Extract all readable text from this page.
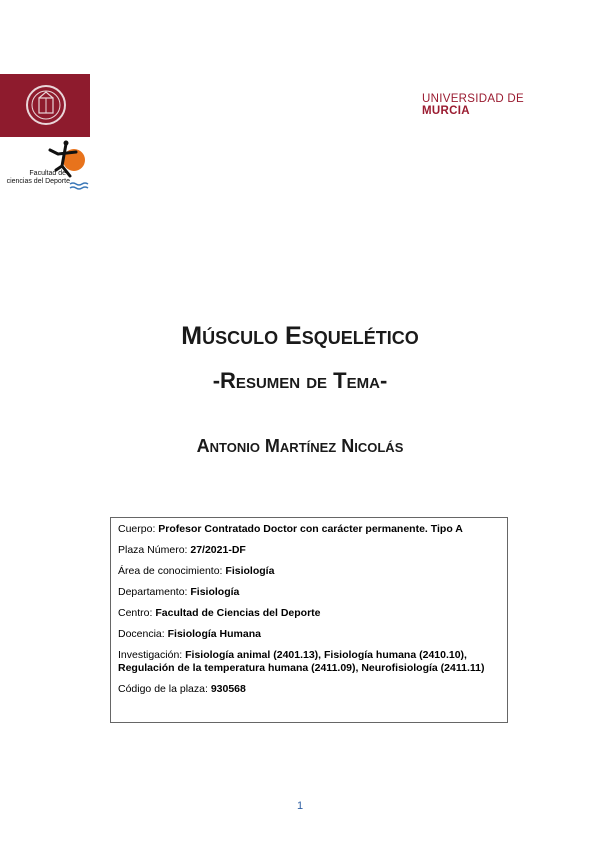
Facultad de
ciencias del Deporte
UNIVERSIDAD DE
MURCIA
Músculo Esquelético
-Resumen de Tema-
Antonio Martínez Nicolás
Cuerpo: Profesor Contratado Doctor con carácter permanente. Tipo A
Plaza Número: 27/2021-DF
Área de conocimiento: Fisiología
Departamento: Fisiología
Centro: Facultad de Ciencias del Deporte
Docencia: Fisiología Humana
Investigación: Fisiología animal (2401.13), Fisiología humana (2410.10), Regulación de la temperatura humana (2411.09), Neurofisiología (2411.11)
Código de la plaza: 930568
1
